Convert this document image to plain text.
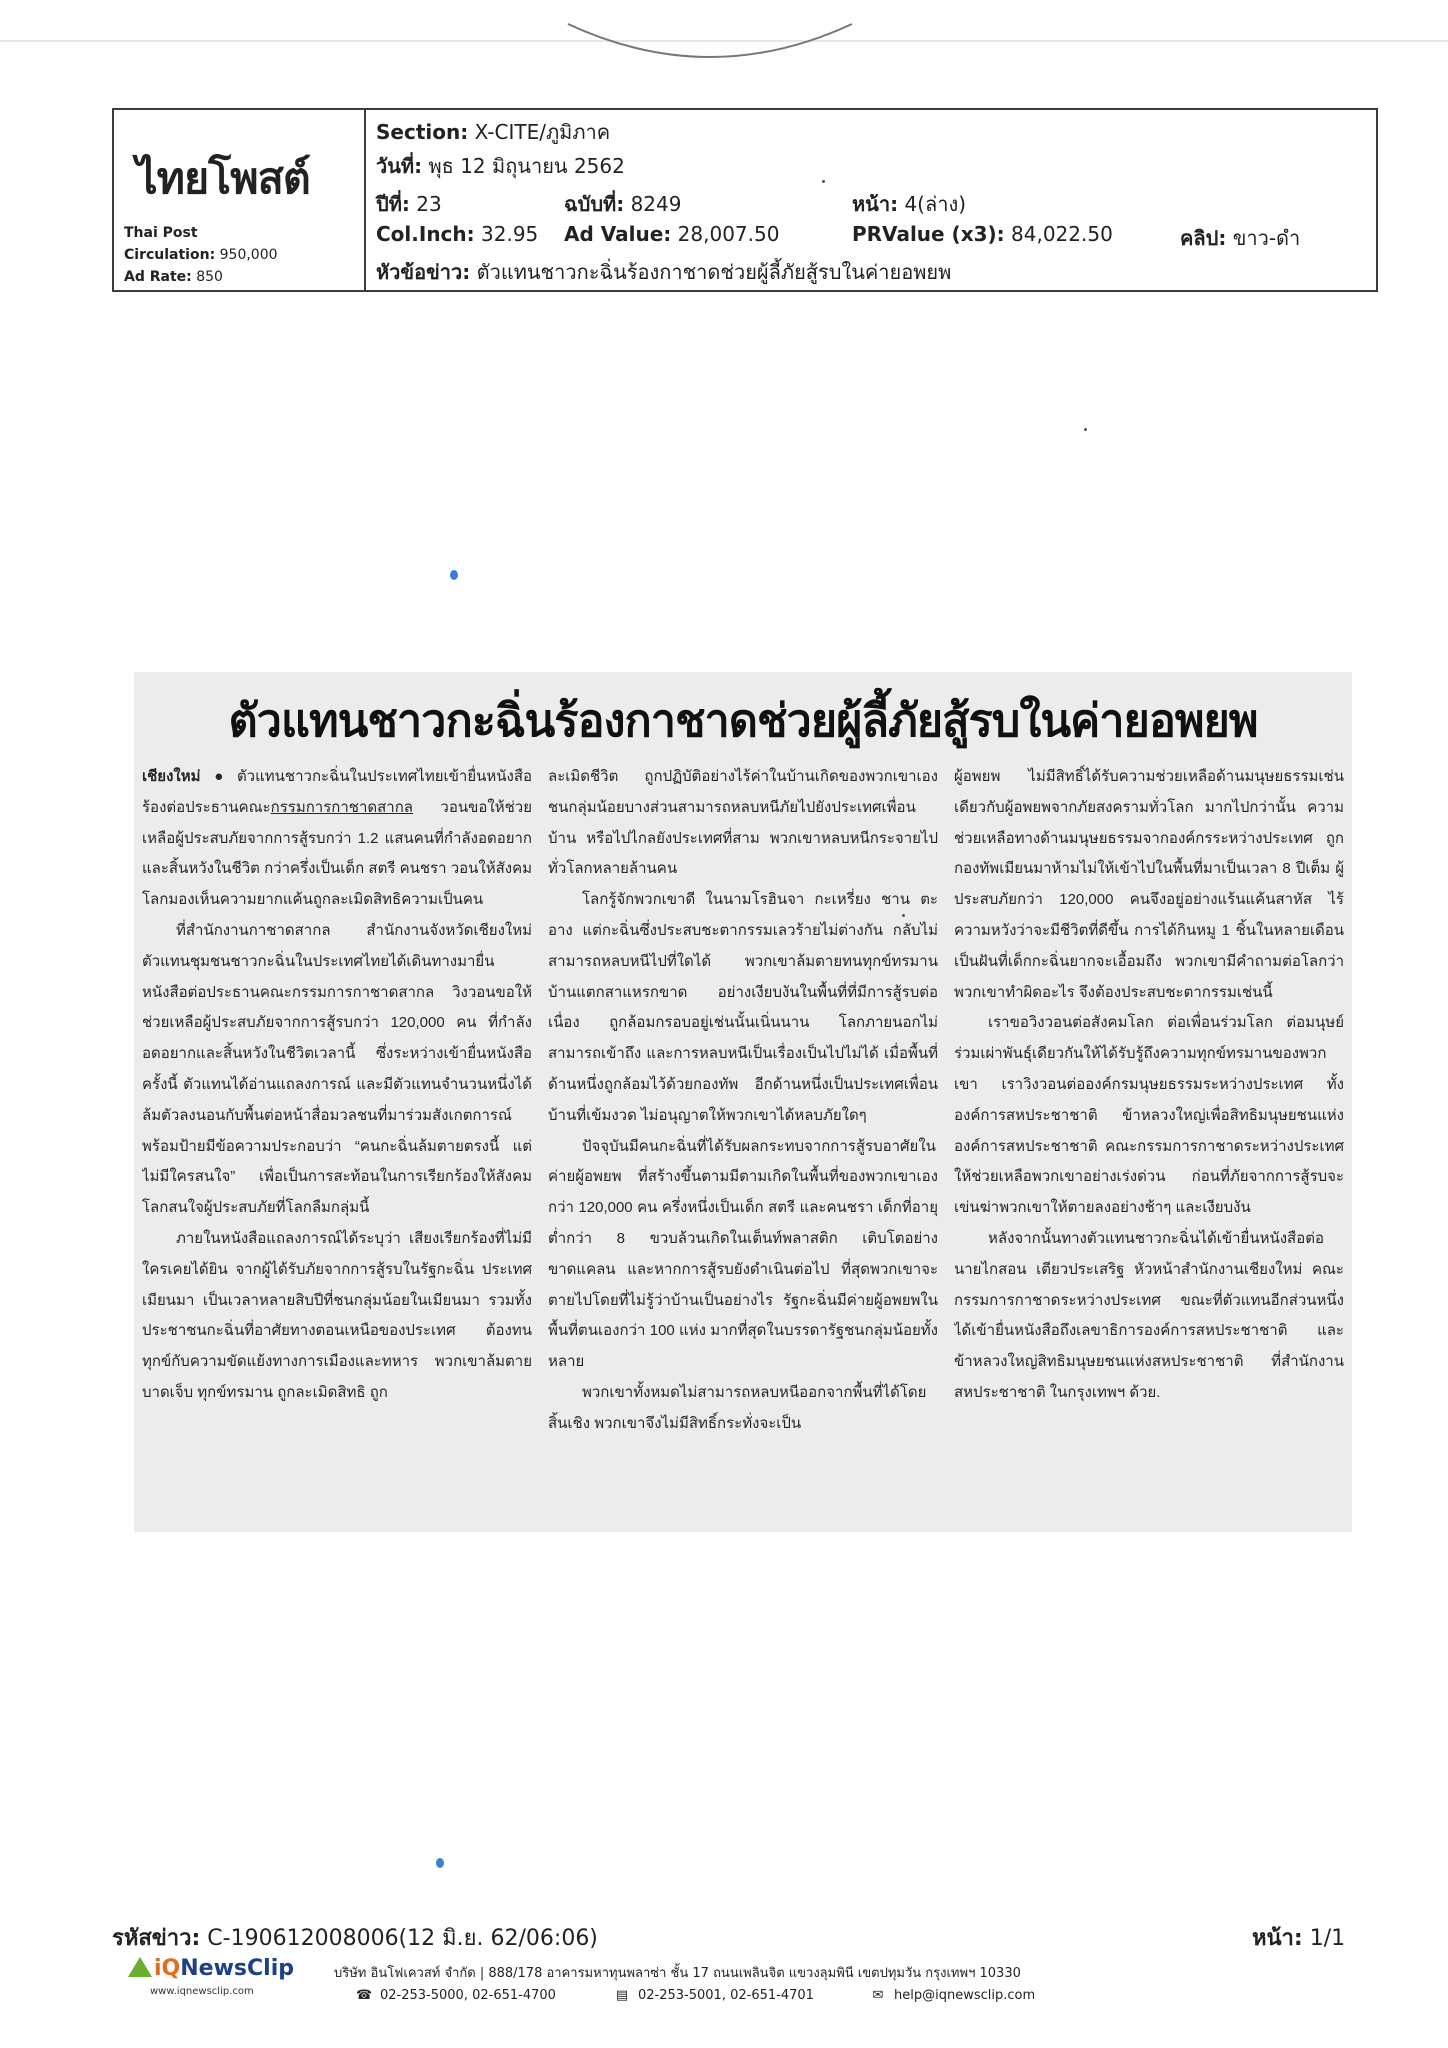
ไทยโพสต์
Thai Post
Circulation: 950,000
Ad Rate: 850
Section: X-CITE/ภูมิภาค
วันที่: พุธ 12 มิถุนายน 2562
ปีที่: 23	ฉบับที่: 8249	หน้า: 4(ล่าง)
Col.Inch: 32.95 Ad Value: 28,007.50	PRValue (x3): 84,022.50	คลิป: ขาว-ดำ
หัวข้อข่าว: ตัวแทนชาวกะฉิ่นร้องกาชาดช่วยผู้ลี้ภัยสู้รบในค่ายอพยพ
ตัวแทนชาวกะฉิ่นร้องกาชาดช่วยผู้ลี้ภัยสู้รบในค่ายอพยพ

เชียงใหม่ ● ตัวแทนชาวกะฉิ่นในประเทศไทยเข้ายื่นหนังสือร้องต่อประธานคณะกรรมการกาชาดสากล วอนขอให้ช่วยเหลือผู้ประสบภัยจากการสู้รบกว่า 1.2 แสนคนที่กำลังอดอยากและสิ้นหวังในชีวิต กว่าครึ่งเป็นเด็ก สตรี คนชรา วอนให้สังคมโลกมองเห็นความยากแค้นถูกละเมิดสิทธิความเป็นคน

ที่สำนักงานกาชาดสากล สำนักงานจังหวัดเชียงใหม่ ตัวแทนชุมชนชาวกะฉิ่นในประเทศไทยได้เดินทางมายื่นหนังสือต่อประธานคณะกรรมการกาชาดสากล วิงวอนขอให้ช่วยเหลือผู้ประสบภัยจากการสู้รบกว่า 120,000 คน ที่กำลังอดอยากและสิ้นหวังในชีวิตเวลานี้ ซึ่งระหว่างเข้ายื่นหนังสือครั้งนี้ ตัวแทนได้อ่านแถลงการณ์ และมีตัวแทนจำนวนหนึ่งได้ล้มตัวลงนอนกับพื้นต่อหน้าสื่อมวลชนที่มาร่วมสังเกตการณ์ พร้อมป้ายมีข้อความประกอบว่า “คนกะฉิ่นล้มตายตรงนี้ แต่ไม่มีใครสนใจ” เพื่อเป็นการสะท้อนในการเรียกร้องให้สังคมโลกสนใจผู้ประสบภัยที่โลกลืมกลุ่มนี้

ภายในหนังสือแถลงการณ์ได้ระบุว่า เสียงเรียกร้องที่ไม่มีใครเคยได้ยิน จากผู้ได้รับภัยจากการสู้รบในรัฐกะฉิ่น ประเทศเมียนมา เป็นเวลาหลายสิบปีที่ชนกลุ่มน้อยในเมียนมา รวมทั้งประชาชนกะฉิ่นที่อาศัยทางตอนเหนือของประเทศ ต้องทนทุกข์กับความขัดแย้งทางการเมืองและทหาร พวกเขาล้มตาย บาดเจ็บ ทุกข์ทรมาน ถูกละเมิดสิทธิ ถูก

ละเมิดชีวิต ถูกปฏิบัติอย่างไร้ค่าในบ้านเกิดของพวกเขาเอง ชนกลุ่มน้อยบางส่วนสามารถหลบหนีภัยไปยังประเทศเพื่อนบ้าน หรือไปไกลยังประเทศที่สาม พวกเขาหลบหนีกระจายไปทั่วโลกหลายล้านคน

โลกรู้จักพวกเขาดี ในนามโรฮินจา กะเหรี่ยง ชาน ตะอาง แต่กะฉิ่นซึ่งประสบชะตากรรมเลวร้ายไม่ต่างกัน กลับไม่สามารถหลบหนีไปที่ใดได้ พวกเขาล้มตายทนทุกข์ทรมาน บ้านแตกสาแหรกขาด อย่างเงียบงันในพื้นที่ที่มีการสู้รบต่อเนื่อง ถูกล้อมกรอบอยู่เช่นนั้นเนิ่นนาน โลกภายนอกไม่สามารถเข้าถึง และการหลบหนีเป็นเรื่องเป็นไปไม่ได้ เมื่อพื้นที่ด้านหนึ่งถูกล้อมไว้ด้วยกองทัพ อีกด้านหนึ่งเป็นประเทศเพื่อนบ้านที่เข้มงวด ไม่อนุญาตให้พวกเขาได้หลบภัยใดๆ

ปัจจุบันมีคนกะฉิ่นที่ได้รับผลกระทบจากการสู้รบอาศัยในค่ายผู้อพยพ ที่สร้างขึ้นตามมีตามเกิดในพื้นที่ของพวกเขาเองกว่า 120,000 คน ครึ่งหนึ่งเป็นเด็ก สตรี และคนชรา เด็กที่อายุต่ำกว่า 8 ขวบล้วนเกิดในเต็นท์พลาสติก เติบโตอย่างขาดแคลน และหากการสู้รบยังดำเนินต่อไป ที่สุดพวกเขาจะตายไปโดยที่ไม่รู้ว่าบ้านเป็นอย่างไร รัฐกะฉิ่นมีค่ายผู้อพยพในพื้นที่ตนเองกว่า 100 แห่ง มากที่สุดในบรรดารัฐชนกลุ่มน้อยทั้งหลาย

พวกเขาทั้งหมดไม่สามารถหลบหนีออกจากพื้นที่ได้โดยสิ้นเชิง พวกเขาจึงไม่มีสิทธิ์กระทั่งจะเป็น

ผู้อพยพ ไม่มีสิทธิ์ได้รับความช่วยเหลือด้านมนุษยธรรมเช่นเดียวกับผู้อพยพจากภัยสงครามทั่วโลก มากไปกว่านั้น ความช่วยเหลือทางด้านมนุษยธรรมจากองค์กรระหว่างประเทศ ถูกกองทัพเมียนมาห้ามไม่ให้เข้าไปในพื้นที่มาเป็นเวลา 8 ปีเต็ม ผู้ประสบภัยกว่า 120,000 คนจึงอยู่อย่างแร้นแค้นสาหัส ไร้ความหวังว่าจะมีชีวิตที่ดีขึ้น การได้กินหมู 1 ชิ้นในหลายเดือนเป็นฝันที่เด็กกะฉิ่นยากจะเอื้อมถึง พวกเขามีคำถามต่อโลกว่า พวกเขาทำผิดอะไร จึงต้องประสบชะตากรรมเช่นนี้

เราขอวิงวอนต่อสังคมโลก ต่อเพื่อนร่วมโลก ต่อมนุษย์ร่วมเผ่าพันธุ์เดียวกันให้ได้รับรู้ถึงความทุกข์ทรมานของพวกเขา เราวิงวอนต่อองค์กรมนุษยธรรมระหว่างประเทศ ทั้งองค์การสหประชาชาติ ข้าหลวงใหญ่เพื่อสิทธิมนุษยชนแห่งองค์การสหประชาชาติ คณะกรรมการกาชาดระหว่างประเทศ ให้ช่วยเหลือพวกเขาอย่างเร่งด่วน ก่อนที่ภัยจากการสู้รบจะเข่นฆ่าพวกเขาให้ตายลงอย่างช้าๆ และเงียบงัน

หลังจากนั้นทางตัวแทนชาวกะฉิ่นได้เข้ายื่นหนังสือต่อนายไกสอน เตียวประเสริฐ หัวหน้าสำนักงานเชียงใหม่ คณะกรรมการกาชาดระหว่างประเทศ ขณะที่ตัวแทนอีกส่วนหนึ่งได้เข้ายื่นหนังสือถึงเลขาธิการองค์การสหประชาชาติ และข้าหลวงใหญ่สิทธิมนุษยชนแห่งสหประชาชาติ ที่สำนักงานสหประชาชาติ ในกรุงเทพฯ ด้วย.

รหัสข่าว: C-190612008006(12 มิ.ย. 62/06:06)	หน้า: 1/1
iQNewsClip
www.iqnewsclip.com
บริษัท อินโฟเควสท์ จำกัด | 888/178 อาคารมหาทุนพลาซ่า ชั้น 17 ถนนเพลินจิต แขวงลุมพินี เขตปทุมวัน กรุงเทพฯ 10330
☎ 02-253-5000, 02-651-4700	▤ 02-253-5001, 02-651-4701	✉ help@iqnewsclip.com
